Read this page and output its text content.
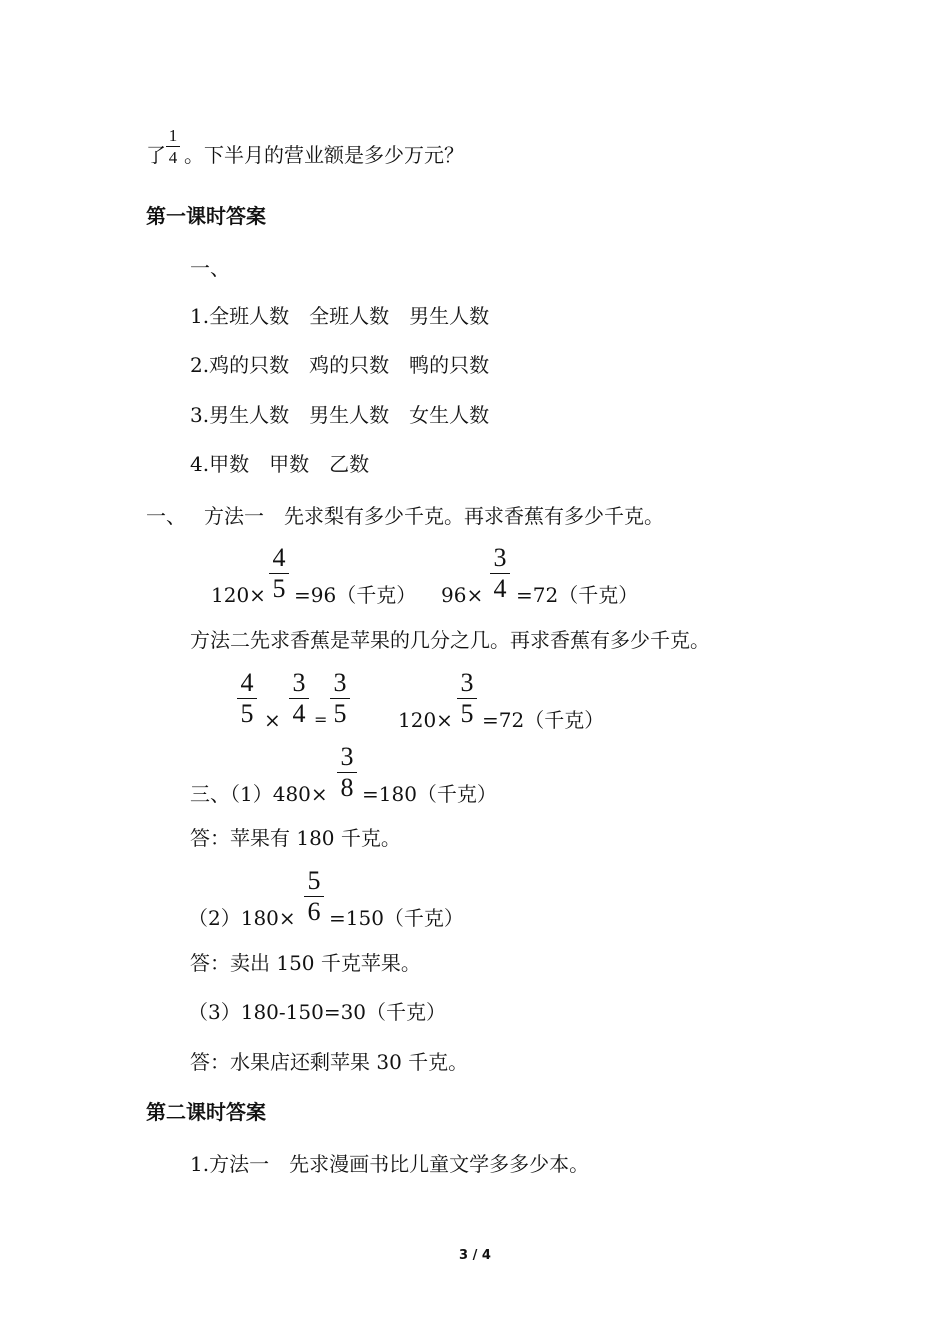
了
1
4 。下半月的营业额是多少万元？
第一课时答案
一、
1.全班人数　全班人数　男生人数
2.鸡的只数　鸡的只数　鸭的只数
3.男生人数　男生人数　女生人数
4.甲数　甲数　乙数
一、 方法一　先求梨有多少千克。再求香蕉有多少千克。
120×
4
5 =96（千克） 96×
3
4 =72（千克）
方法二先求香蕉是苹果的几分之几。再求香蕉有多少千克。
4
5 ×
3
4 =
3
5	120×
3
5 =72（千克）
三、（1）480×
3
8 =180（千克）
答：苹果有 180 千克。
（2）180×
5
6 =150（千克）
答：卖出 150 千克苹果。
（3）180-150=30（千克）
答：水果店还剩苹果 30 千克。
第二课时答案
1.方法一　先求漫画书比儿童文学多多少本。
3 / 4
